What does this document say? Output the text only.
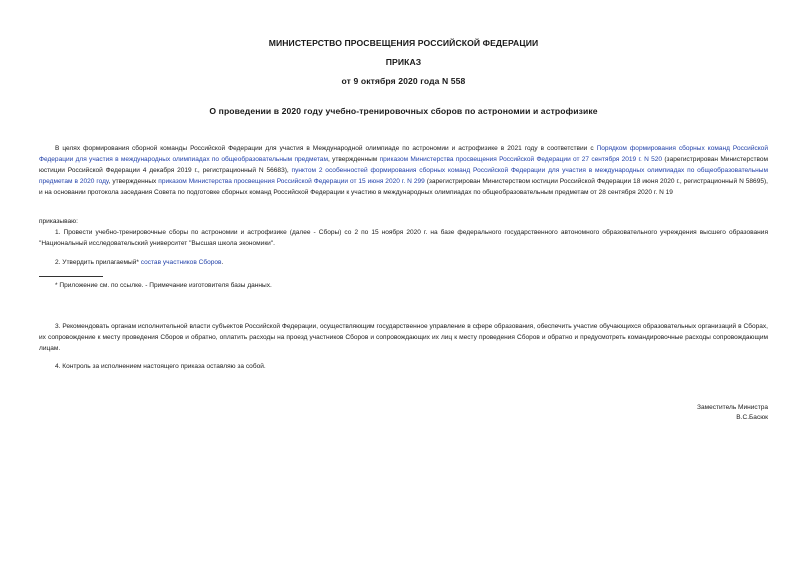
МИНИСТЕРСТВО ПРОСВЕЩЕНИЯ РОССИЙСКОЙ ФЕДЕРАЦИИ
ПРИКАЗ
от 9 октября 2020 года N 558
О проведении в 2020 году учебно-тренировочных сборов по астрономии и астрофизике

В целях формирования сборной команды Российской Федерации для участия в Международной олимпиаде по астрономии и астрофизике в 2021 году в соответствии с Порядком формирования сборных команд Российской Федерации для участия в международных олимпиадах по общеобразовательным предметам, утвержденным приказом Министерства просвещения Российской Федерации от 27 сентября 2019 г. N 520 (зарегистрирован Министерством юстиции Российской Федерации 4 декабря 2019 г., регистрационный N 56683), пунктом 2 особенностей формирования сборных команд Российской Федерации для участия в международных олимпиадах по общеобразовательным предметам в 2020 году, утвержденных приказом Министерства просвещения Российской Федерации от 15 июня 2020 г. N 299 (зарегистрирован Министерством юстиции Российской Федерации 18 июня 2020 г., регистрационный N 58695), и на основании протокола заседания Совета по подготовке сборных команд Российской Федерации к участию в международных олимпиадах по общеобразовательным предметам от 28 сентября 2020 г. N 19

приказываю:

1. Провести учебно-тренировочные сборы по астрономии и астрофизике (далее - Сборы) со 2 по 15 ноября 2020 г. на базе федерального государственного автономного образовательного учреждения высшего образования "Национальный исследовательский университет "Высшая школа экономики".

2. Утвердить прилагаемый* состав участников Сборов.

* Приложение см. по ссылке. - Примечание изготовителя базы данных.

3. Рекомендовать органам исполнительной власти субъектов Российской Федерации, осуществляющим государственное управление в сфере образования, обеспечить участие обучающихся образовательных организаций в Сборах, их сопровождение к месту проведения Сборов и обратно, оплатить расходы на проезд участников Сборов и сопровождающих их лиц к месту проведения Сборов и обратно и предусмотреть командировочные расходы сопровождающим лицам.

4. Контроль за исполнением настоящего приказа оставляю за собой.

Заместитель Министра
В.С.Басюк
